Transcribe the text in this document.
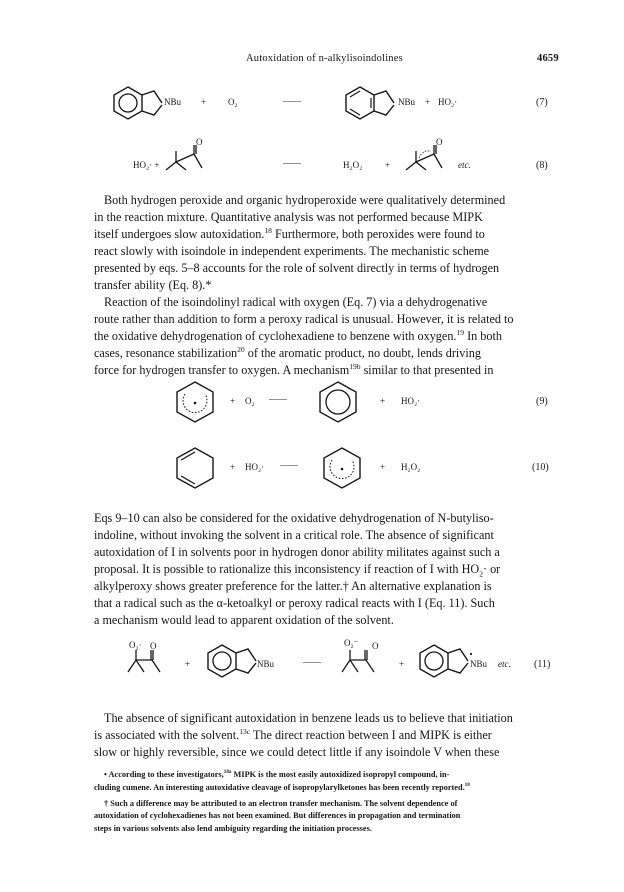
Autoxidation of n-alkylisoindolines	4659
NBu + O₂	——	NBu + HO₂·	(7)
HO₂· +
O
——	H₂O₂	+
O
etc.	(8)

Both hydrogen peroxide and organic hydroperoxide were qualitatively determined

in the reaction mixture. Quantitative analysis was not performed because MIPK

itself undergoes slow autoxidation.$^{18}$ Furthermore, both peroxides were found to

react slowly with isoindole in independent experiments. The mechanistic scheme

presented by eqs. 5–8 accounts for the role of solvent directly in terms of hydrogen

transfer ability (Eq. 8).*

Reaction of the isoindolinyl radical with oxygen (Eq. 7) via a dehydrogenative

route rather than addition to form a peroxy radical is unusual. However, it is related to

the oxidative dehydrogenation of cyclohexadiene to benzene with oxygen.$^{19}$ In both

cases, resonance stabilization$^{20}$ of the aromatic product, no doubt, lends driving

force for hydrogen transfer to oxygen. A mechanism$^{19b}$ similar to that presented in

+ O₂ ——	+ HO₂·	(9)
+ HO₂· ——	+ H₂O₂	(10)

Eqs 9–10 can also be considered for the oxidative dehydrogenation of N-butyliso-

indoline, without invoking the solvent in a critical role. The absence of significant

autoxidation of I in solvents poor in hydrogen donor ability militates against such a

proposal. It is possible to rationalize this inconsistency if reaction of I with $HO_2\cdot$ or

alkylperoxy shows greater preference for the latter.† An alternative explanation is

that a radical such as the α-ketoalkyl or peroxy radical reacts with I (Eq. 11). Such

a mechanism would lead to apparent oxidation of the solvent.

O₂· O
+	NBu	——
O₂⁻ O
+	NBu etc. (11)

The absence of significant autoxidation in benzene leads us to believe that initiation

is associated with the solvent.$^{13c}$ The direct reaction between I and MIPK is either

slow or highly reversible, since we could detect little if any isoindole V when these

• According to these investigators,$^{18a}$ MIPK is the most easily autoxidized isopropyl compound, in-

cluding cumene. An interesting autoxidative cleavage of isopropylarylketones has been recently reported.$^{18}$

† Such a difference may be attributed to an electron transfer mechanism. The solvent dependence of

autoxidation of cyclohexadienes has not been examined. But differences in propagation and termination

steps in various solvents also lend ambiguity regarding the initiation processes.
